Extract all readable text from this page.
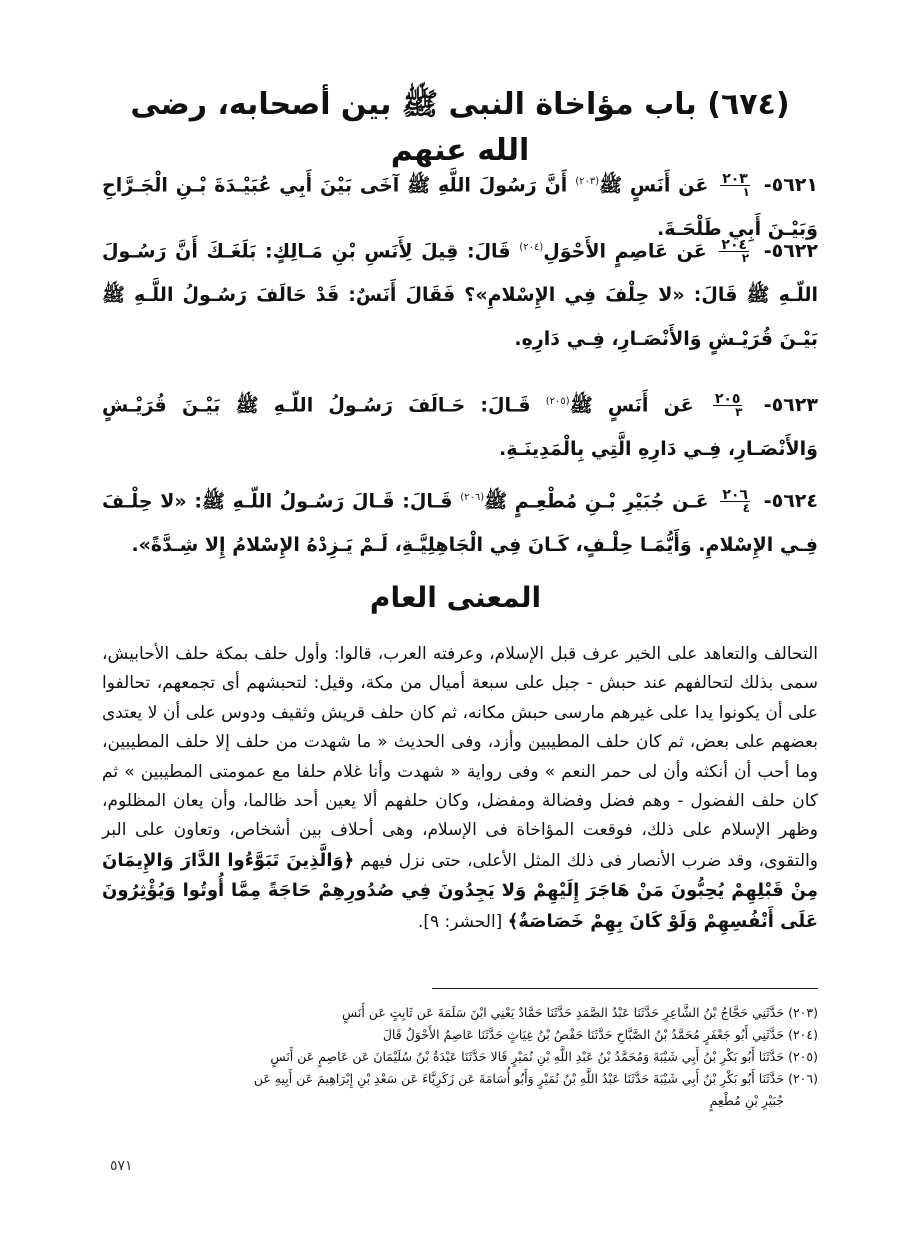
(٦٧٤) باب مؤاخاة النبى ﷺ بين أصحابه، رضى الله عنهم
٥٦٢١-
$\frac{٢٠٣}{١}$
عَن أَنَسٍ ﷺ$^{(٢٠٣)}$ أَنَّ رَسُولَ اللَّهِ ﷺ آخَى بَيْنَ أَبِي عُبَيْـدَةَ بْـنِ الْجَـرَّاحِ وَبَيْـنَ أَبِي طَلْحَـةَ.
٥٦٢٢-
$\frac{٢٠٤}{٢}$
عَن عَاصِمٍ الأَحْوَلِ$^{(٢٠٤)}$ قَالَ: قِيلَ لِأَنَسِ بْنِ مَـالِكٍ: بَلَغَـكَ أَنَّ رَسُـولَ اللّـهِ ﷺ قَالَ: «لا حِلْفَ فِي الإِسْلامِ»؟ فَقَالَ أَنَسٌ: قَدْ حَالَفَ رَسُـولُ اللَّـهِ ﷺ بَيْـنَ قُرَيْـشٍ وَالأَنْصَـارِ، فِـي دَارِهِ.
٥٦٢٣-
$\frac{٢٠٥}{٣}$
عَن أَنَسٍ ﷺ$^{(٢٠٥)}$ قَـالَ: حَـالَفَ رَسُـولُ اللّـهِ ﷺ بَيْـنَ قُرَيْـشٍ وَالأَنْصَـارِ، فِـي دَارِهِ الَّتِي بِالْمَدِينَـةِ.
٥٦٢٤-
$\frac{٢٠٦}{٤}$
عَـن جُبَيْرِ بْـنِ مُطْعِـمٍ ﷺ$^{(٢٠٦)}$ قَـالَ: قَـالَ رَسُـولُ اللّـهِ ﷺ: «لا حِلْـفَ فِـي الإِسْلامِ. وَأَيُّمَـا حِلْـفٍ، كَـانَ فِي الْجَاهِلِيَّـةِ، لَـمْ يَـزِدْهُ الإِسْلامُ إِلا شِـدَّةً».
المعنى العام
التحالف والتعاهد على الخير عرف قبل الإسلام، وعرفته العرب، قالوا: وأول حلف بمكة حلف الأحابيش، سمى بذلك لتحالفهم عند حبش - جبل على سبعة أميال من مكة، وقيل: لتحبشهم أى تجمعهم، تحالفوا على أن يكونوا يدا على غيرهم مارسى حبش مكانه، ثم كان حلف قريش وثقيف ودوس على أن لا يعتدى بعضهم على بعض، ثم كان حلف المطيبين وأزد، وفى الحديث « ما شهدت من حلف إلا حلف المطيبين، وما أحب أن أنكثه وأن لى حمر النعم » وفى رواية « شهدت وأنا غلام حلفا مع عمومتى المطيبين » ثم كان حلف الفضول - وهم فضل وفضالة ومفضل، وكان حلفهم ألا يعين أحد ظالما، وأن يعان المظلوم، وظهر الإسلام على ذلك، فوقعت المؤاخاة فى الإسلام، وهى أحلاف بين أشخاص، وتعاون على البر والتقوى، وقد ضرب الأنصار فى ذلك المثل الأعلى، حتى نزل فيهم ﴿وَالَّذِينَ تَبَوَّءُوا الدَّارَ وَالإِيمَانَ مِنْ قَبْلِهِمْ يُحِبُّونَ مَنْ هَاجَرَ إِلَيْهِمْ وَلا يَجِدُونَ فِي صُدُورِهِمْ حَاجَةً مِمَّا أُوتُوا وَيُؤْثِرُونَ عَلَى أَنْفُسِهِمْ وَلَوْ كَانَ بِهِمْ خَصَاصَةٌ﴾ [الحشر: ٩].
(٢٠٣) حَدَّثَنِي حَجَّاجُ بْنُ الشَّاعِرِ حَدَّثَنَا عَبْدُ الصَّمَدِ حَدَّثَنَا حَمَّادٌ يَعْنِي ابْنَ سَلَمَةَ عَن ثَابِتٍ عَن أَنَسٍ
(٢٠٤) حَدَّثَنِي أَبُو جَعْفَرٍ مُحَمَّدُ بْنُ الصَّبَّاحِ حَدَّثَنَا حَفْصُ بْنُ غِيَاثٍ حَدَّثَنَا عَاصِمٌ الأَحْوَلُ قَالَ
(٢٠٥) حَدَّثَنَا أَبُو بَكْرِ بْنُ أَبِي شَيْبَةَ وَمُحَمَّدُ بْنُ عَبْدِ اللَّهِ بْنِ نُمَيْرٍ قَالا حَدَّثَنَا عَبْدَةُ بْنُ سُلَيْمَانَ عَن عَاصِمٍ عَن أَنَسٍ
(٢٠٦) حَدَّثَنَا أَبُو بَكْرِ بْنُ أَبِي شَيْبَةَ حَدَّثَنَا عَبْدُ اللَّهِ بْنُ نُمَيْرٍ وَأَبُو أُسَامَةَ عَن زَكَرِيَّاءَ عَن سَعْدِ بْنِ إِبْرَاهِيمَ عَن أَبِيهِ عَن
جُبَيْرِ بْنِ مُطْعِمٍ
٥٧١
